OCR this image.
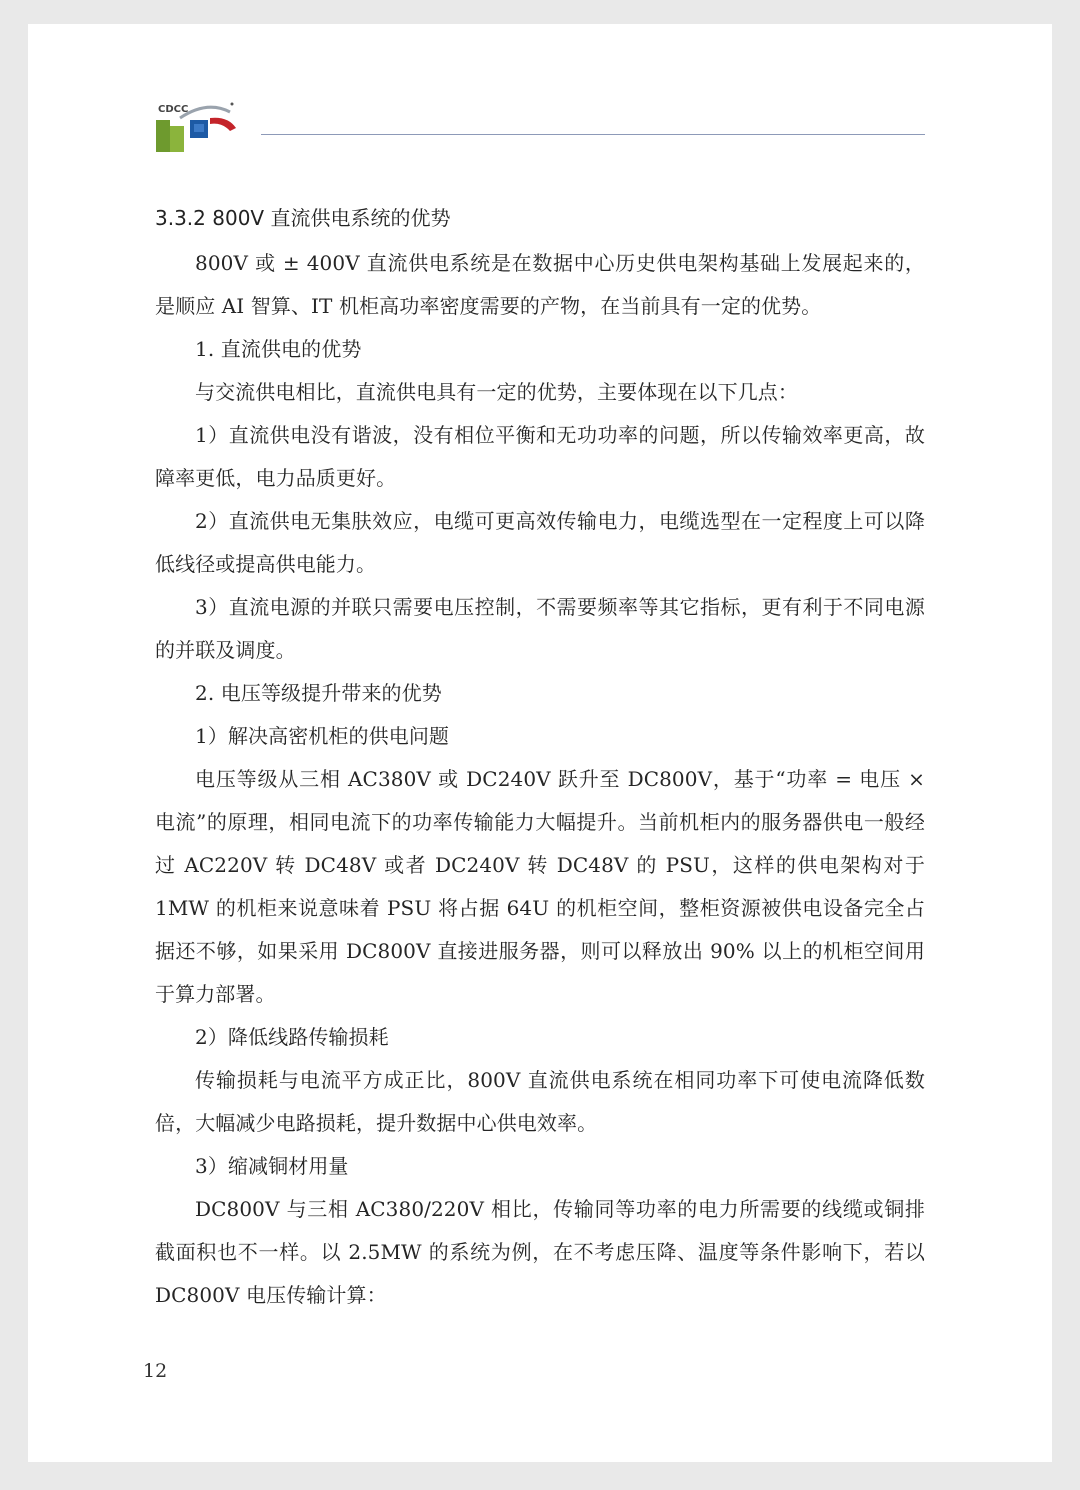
CDCC
3.3.2 800V 直流供电系统的优势

800V 或 ± 400V 直流供电系统是在数据中心历史供电架构基础上发展起来的，是顺应 AI 智算、IT 机柜高功率密度需要的产物，在当前具有一定的优势。

1. 直流供电的优势

与交流供电相比，直流供电具有一定的优势，主要体现在以下几点：

1）直流供电没有谐波，没有相位平衡和无功功率的问题，所以传输效率更高，故障率更低，电力品质更好。

2）直流供电无集肤效应，电缆可更高效传输电力，电缆选型在一定程度上可以降低线径或提高供电能力。

3）直流电源的并联只需要电压控制，不需要频率等其它指标，更有利于不同电源的并联及调度。

2. 电压等级提升带来的优势

1）解决高密机柜的供电问题

电压等级从三相 AC380V 或 DC240V 跃升至 DC800V，基于“功率 = 电压 × 电流”的原理，相同电流下的功率传输能力大幅提升。当前机柜内的服务器供电一般经过 AC220V 转 DC48V 或者 DC240V 转 DC48V 的 PSU，这样的供电架构对于 1MW 的机柜来说意味着 PSU 将占据 64U 的机柜空间，整柜资源被供电设备完全占据还不够，如果采用 DC800V 直接进服务器，则可以释放出 90% 以上的机柜空间用于算力部署。

2）降低线路传输损耗

传输损耗与电流平方成正比，800V 直流供电系统在相同功率下可使电流降低数倍，大幅减少电路损耗，提升数据中心供电效率。

3）缩减铜材用量

DC800V 与三相 AC380/220V 相比，传输同等功率的电力所需要的线缆或铜排截面积也不一样。以 2.5MW 的系统为例，在不考虑压降、温度等条件影响下，若以 DC800V 电压传输计算：

12
